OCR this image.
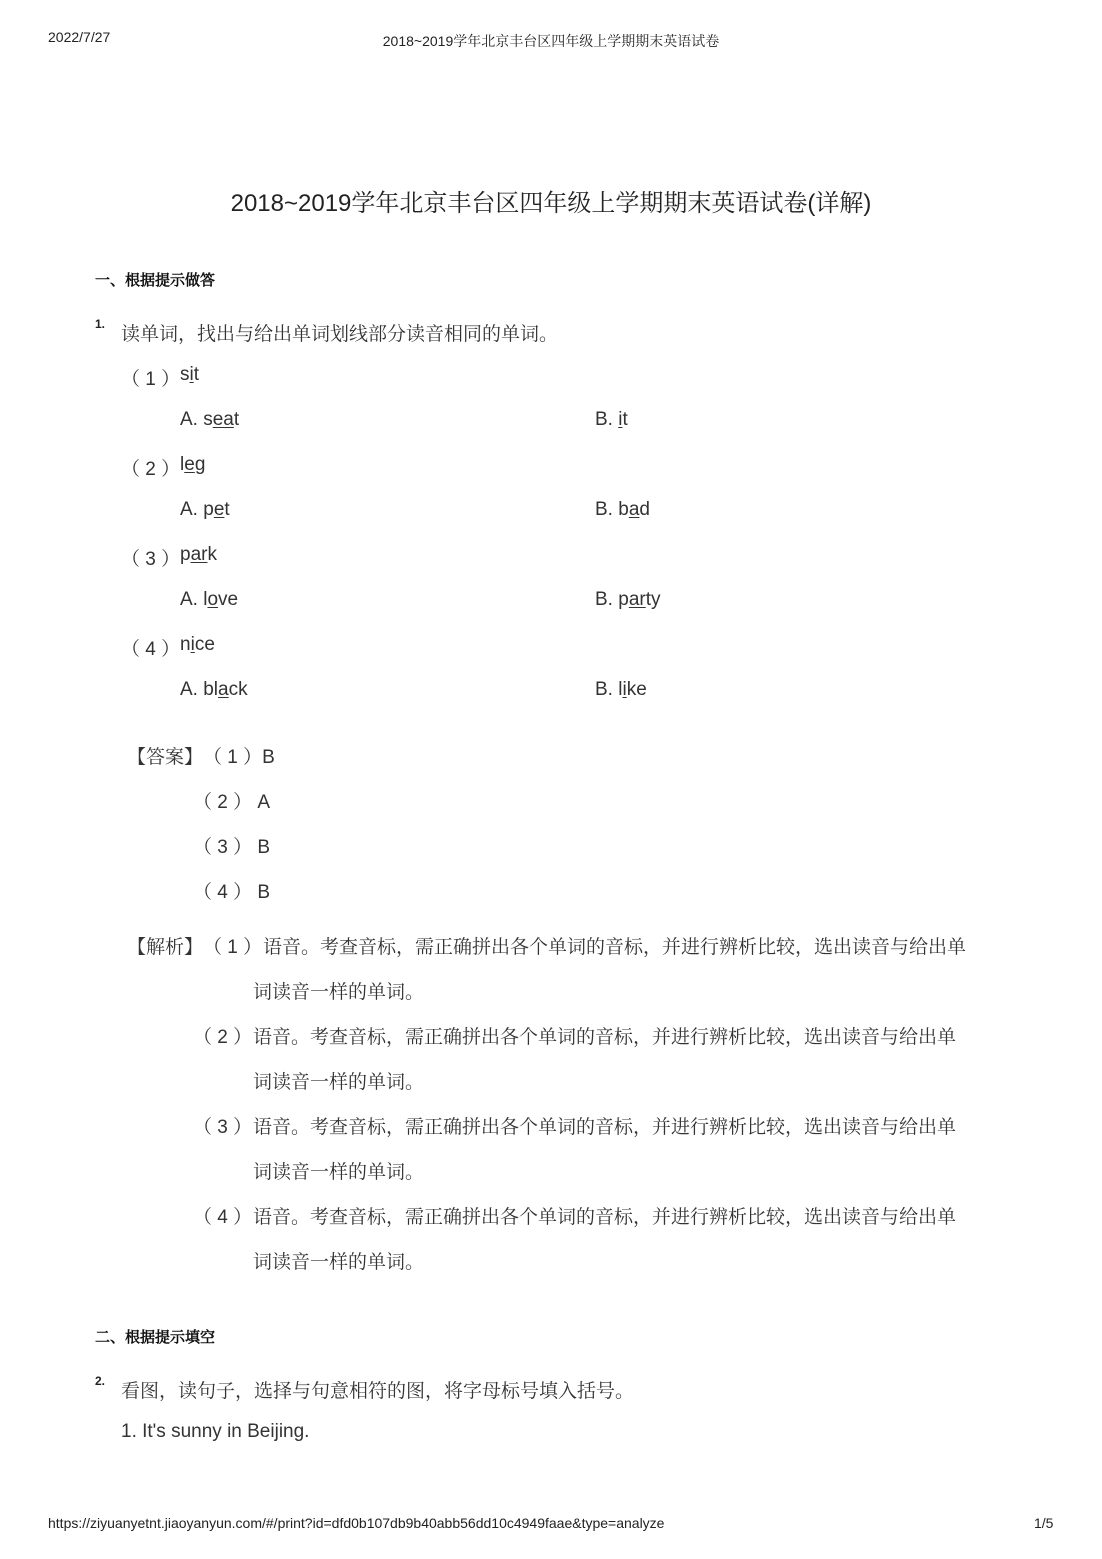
2022/7/27	2018~2019学年北京丰台区四年级上学期期末英语试卷
2018~2019学年北京丰台区四年级上学期期末英语试卷(详解)
一、根据提示做答
1. 读单词，找出与给出单词划线部分读音相同的单词。
（ 1 ） sit
A. seat	B. it
（ 2 ） leg
A. pet	B. bad
（ 3 ） park
A. love	B. party
（ 4 ） nice
A. black	B. like
【答案】 （ 1 ）B
（ 2 ） A
（ 3 ） B
（ 4 ） B
【解析】 （ 1 ） 语音。考查音标，需正确拼出各个单词的音标，并进行辨析比较，选出读音与给出单
词读音一样的单词。
（ 2 ） 语音。考查音标，需正确拼出各个单词的音标，并进行辨析比较，选出读音与给出单
词读音一样的单词。
（ 3 ） 语音。考查音标，需正确拼出各个单词的音标，并进行辨析比较，选出读音与给出单
词读音一样的单词。
（ 4 ） 语音。考查音标，需正确拼出各个单词的音标，并进行辨析比较，选出读音与给出单
词读音一样的单词。
二、根据提示填空
2. 看图，读句子，选择与句意相符的图，将字母标号填入括号。
1. It's sunny in Beijing.
https://ziyuanyetnt.jiaoyanyun.com/#/print?id=dfd0b107db9b40abb56dd10c4949faae&type=analyze	1/5
